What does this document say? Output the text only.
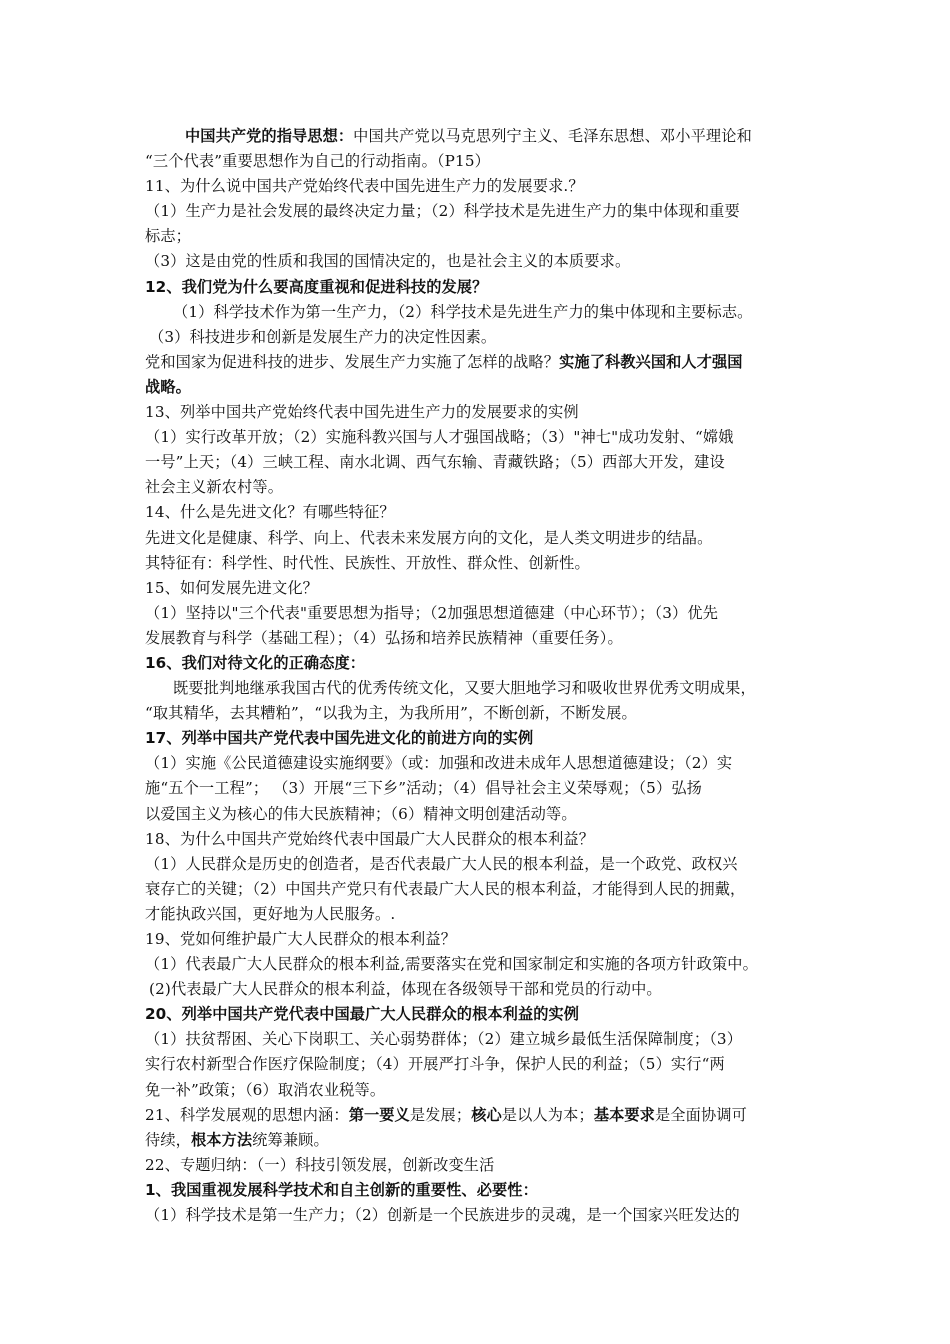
中国共产党的指导思想：中国共产党以马克思列宁主义、毛泽东思想、邓小平理论和
“三个代表”重要思想作为自己的行动指南。（P15）
11、为什么说中国共产党始终代表中国先进生产力的发展要求.？
（1）生产力是社会发展的最终决定力量；（2）科学技术是先进生产力的集中体现和重要
标志；
（3）这是由党的性质和我国的国情决定的，也是社会主义的本质要求。
12、我们党为什么要高度重视和促进科技的发展？
（1）科学技术作为第一生产力，（2）科学技术是先进生产力的集中体现和主要标志。
（3）科技进步和创新是发展生产力的决定性因素。
党和国家为促进科技的进步、发展生产力实施了怎样的战略？实施了科教兴国和人才强国
战略。
13、列举中国共产党始终代表中国先进生产力的发展要求的实例
（1）实行改革开放；（2）实施科教兴国与人才强国战略；（3）"神七"成功发射、“嫦娥
一号”上天；（4）三峡工程、南水北调、西气东输、青藏铁路；（5）西部大开发，建设
社会主义新农村等。
14、什么是先进文化？有哪些特征？
先进文化是健康、科学、向上、代表未来发展方向的文化，是人类文明进步的结晶。
其特征有：科学性、时代性、民族性、开放性、群众性、创新性。
15、如何发展先进文化？
（1）坚持以"三个代表"重要思想为指导；（2加强思想道德建（中心环节）；（3）优先
发展教育与科学（基础工程）；（4）弘扬和培养民族精神（重要任务）。
16、我们对待文化的正确态度：
既要批判地继承我国古代的优秀传统文化，又要大胆地学习和吸收世界优秀文明成果，
“取其精华，去其糟粕”，“以我为主，为我所用”，不断创新，不断发展。
17、列举中国共产党代表中国先进文化的前进方向的实例
（1）实施《公民道德建设实施纲要》（或：加强和改进未成年人思想道德建设；（2）实
施“五个一工程”； （3）开展“三下乡”活动；（4）倡导社会主义荣辱观；（5）弘扬
以爱国主义为核心的伟大民族精神；（6）精神文明创建活动等。
18、为什么中国共产党始终代表中国最广大人民群众的根本利益？
（1）人民群众是历史的创造者，是否代表最广大人民的根本利益，是一个政党、政权兴
衰存亡的关键；（2）中国共产党只有代表最广大人民的根本利益，才能得到人民的拥戴，
才能执政兴国，更好地为人民服务。.
19、党如何维护最广大人民群众的根本利益？
（1）代表最广大人民群众的根本利益,需要落实在党和国家制定和实施的各项方针政策中。
(2)代表最广大人民群众的根本利益，体现在各级领导干部和党员的行动中。
20、列举中国共产党代表中国最广大人民群众的根本利益的实例
（1）扶贫帮困、关心下岗职工、关心弱势群体；（2）建立城乡最低生活保障制度；（3）
实行农村新型合作医疗保险制度；（4）开展严打斗争，保护人民的利益；（5）实行“两
免一补”政策；（6）取消农业税等。
21、科学发展观的思想内涵：第一要义是发展；核心是以人为本；基本要求是全面协调可
待续，根本方法统筹兼顾。
22、专题归纳：（一）科技引领发展，创新改变生活
1、我国重视发展科学技术和自主创新的重要性、必要性：
（1）科学技术是第一生产力；（2）创新是一个民族进步的灵魂，是一个国家兴旺发达的
